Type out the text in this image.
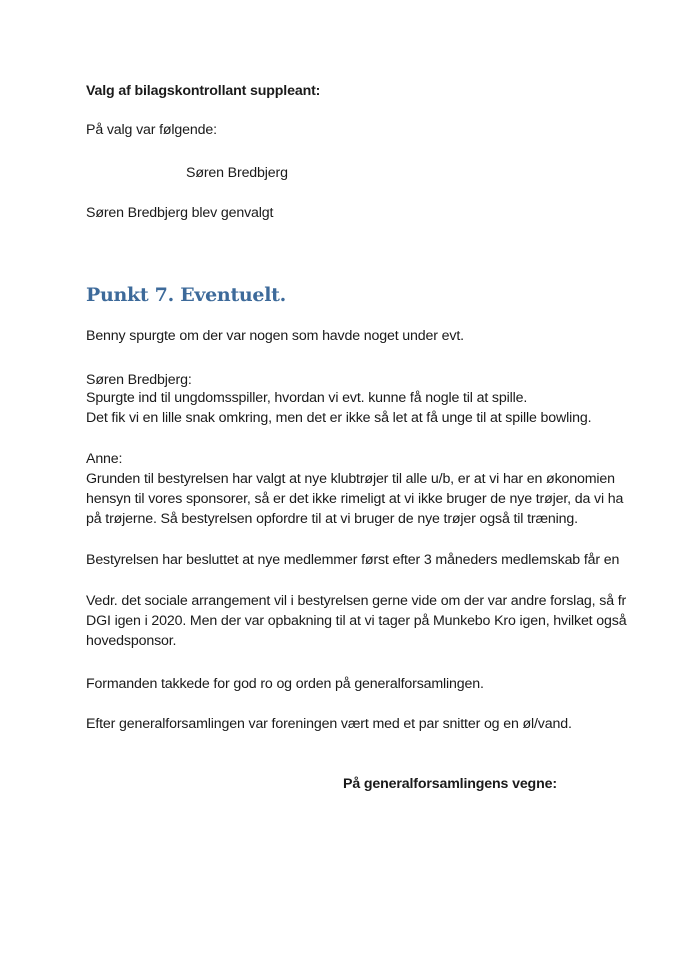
Valg af bilagskontrollant suppleant:
På valg var følgende:
Søren Bredbjerg
Søren Bredbjerg blev genvalgt
Punkt 7. Eventuelt.
Benny spurgte om der var nogen som havde noget under evt.
Søren Bredbjerg:
Spurgte ind til ungdomsspiller, hvordan vi evt. kunne få nogle til at spille.
Det fik vi en lille snak omkring, men det er ikke så let at få unge til at spille bowling.
Anne:
Grunden til bestyrelsen har valgt at nye klubtrøjer til alle u/b, er at vi har en økonomien
hensyn til vores sponsorer, så er det ikke rimeligt at vi ikke bruger de nye trøjer, da vi ha
på trøjerne. Så bestyrelsen opfordre til at vi bruger de nye trøjer også til træning.
Bestyrelsen har besluttet at nye medlemmer først efter 3 måneders medlemskab får en
Vedr. det sociale arrangement vil i bestyrelsen gerne vide om der var andre forslag, så fr
DGI igen i 2020. Men der var opbakning til at vi tager på Munkebo Kro igen, hvilket også
hovedsponsor.
Formanden takkede for god ro og orden på generalforsamlingen.
Efter generalforsamlingen var foreningen vært med et par snitter og en øl/vand.
På generalforsamlingens vegne:
